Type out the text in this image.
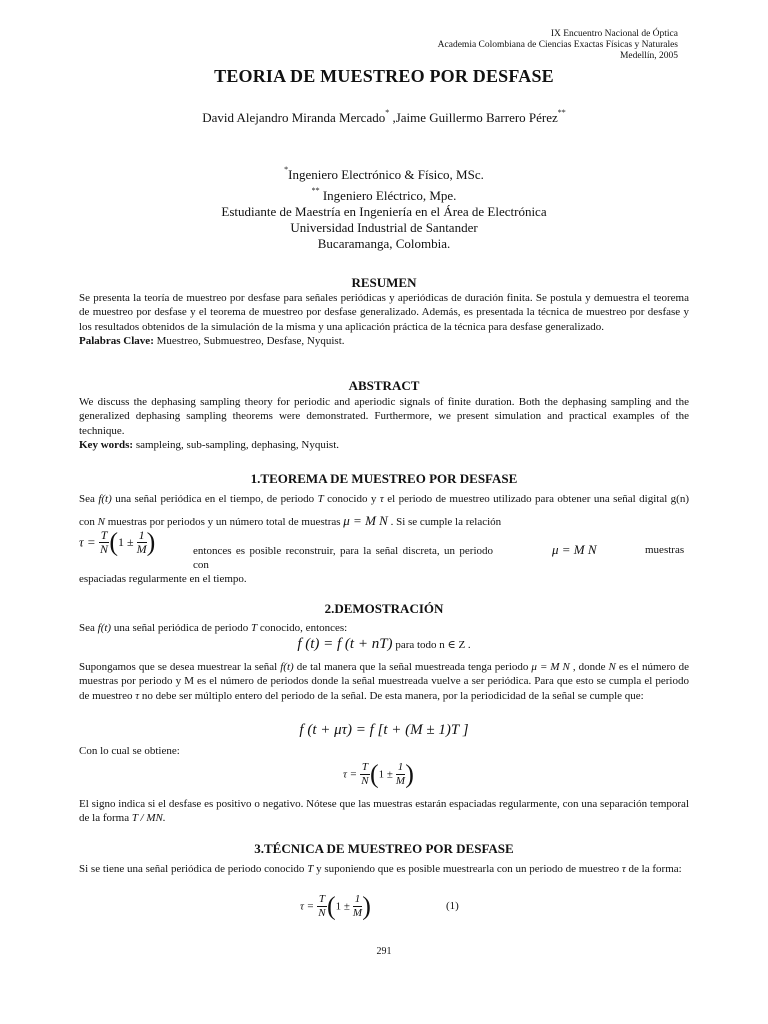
IX Encuentro Nacional de Óptica
Academia Colombiana de Ciencias Exactas Físicas y Naturales
Medellín, 2005
TEORIA DE MUESTREO POR DESFASE
David Alejandro Miranda Mercado* ,Jaime Guillermo Barrero Pérez**
*Ingeniero Electrónico & Físico, MSc.
** Ingeniero Eléctrico, Mpe.
Estudiante de Maestría en Ingeniería en el Área de Electrónica
Universidad Industrial de Santander
Bucaramanga, Colombia.
RESUMEN
Se presenta la teoría de muestreo por desfase para señales periódicas y aperiódicas de duración finita. Se postula y demuestra el teorema de muestreo por desfase y el teorema de muestreo por desfase generalizado. Además, es presentada la técnica de muestreo por desfase y los resultados obtenidos de la simulación de la misma y una aplicación práctica de la técnica para desfase generalizado.
Palabras Clave: Muestreo, Submuestreo, Desfase, Nyquist.
ABSTRACT
We discuss the dephasing sampling theory for periodic and aperiodic signals of finite duration. Both the dephasing sampling and the generalized dephasing sampling theorems were demonstrated. Furthermore, we present simulation and practical examples of the technique.
Key words: sampleing, sub-sampling, dephasing, Nyquist.
1.TEOREMA DE MUESTREO POR DESFASE
Sea f(t) una señal periódica en el tiempo, de periodo T conocido y τ el periodo de muestreo utilizado para obtener una señal digital g(n) con N muestras por periodos y un número total de muestras μ = M N . Si se cumple la relación
$\tau = \frac{T}{N} (1 \pm \frac{1}{M}$ )	entonces es posible reconstruir, para la señal discreta, un periodo con
μ = M N	muestras
espaciadas regularmente en el tiempo.
2.DEMOSTRACIÓN
Sea f(t) una señal periódica de periodo T conocido, entonces:
f (t) = f (t + nT) para todo n ∈ Z .
Supongamos que se desea muestrear la señal f(t) de tal manera que la señal muestreada tenga periodo μ = M N , donde N es el número de muestras por periodo y M es el número de periodos donde la señal muestreada vuelve a ser periódica. Para que esto se cumpla el periodo de muestreo τ no debe ser múltiplo entero del periodo de la señal. De esta manera, por la periodicidad de la señal se cumple que:
f (t + μτ) = f [t + (M ± 1)T ]
Con lo cual se obtiene:
$\tau = \frac{T}{N} (1 \pm \frac{1}{M}$ )
El signo indica si el desfase es positivo o negativo. Nótese que las muestras estarán espaciadas regularmente, con una separación temporal de la forma T / MN.
3.TÉCNICA DE MUESTREO POR DESFASE
Si se tiene una señal periódica de periodo conocido T y suponiendo que es posible muestrearla con un periodo de muestreo τ de la forma:
$\tau = \frac{T}{N} (1 \pm \frac{1}{M}$ )	(1)
291
